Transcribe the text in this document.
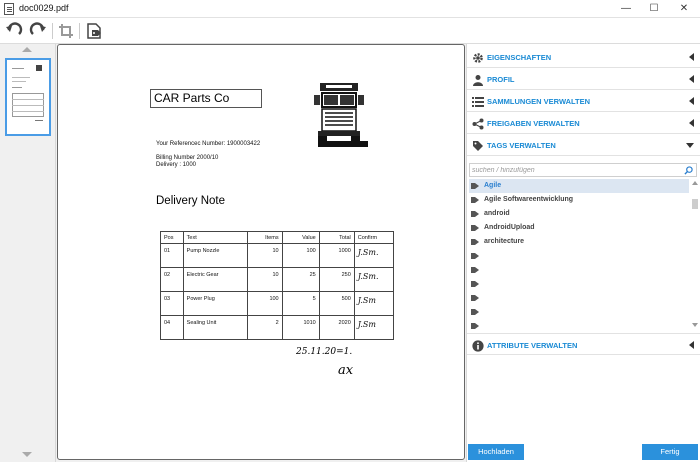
doc0029.pdf	—	☐	✕
CAR Parts Co
Your Referencec Number: 1900003422
Billing Number 2000/10
Delivery : 1000
Delivery Note
Pos	Text	Items	Value	Total	Confirm
01	Pump Nozzle	10	100	1000	J.Sm.
02	Electric Gear	10	25	250	J.Sm.
03	Power Plug	100	5	500	J.Sm
04	Sealing Unit	2	1010	2020	J.Sm
25.11.20=1.
ax
EIGENSCHAFTEN
PROFIL
SAMMLUNGEN VERWALTEN
FREIGABEN VERWALTEN
TAGS VERWALTEN
suchen / hinzufügen
Agile
Agile Softwareentwicklung
android
AndroidUpload
architecture
ATTRIBUTE VERWALTEN
Hochladen	Fertig
